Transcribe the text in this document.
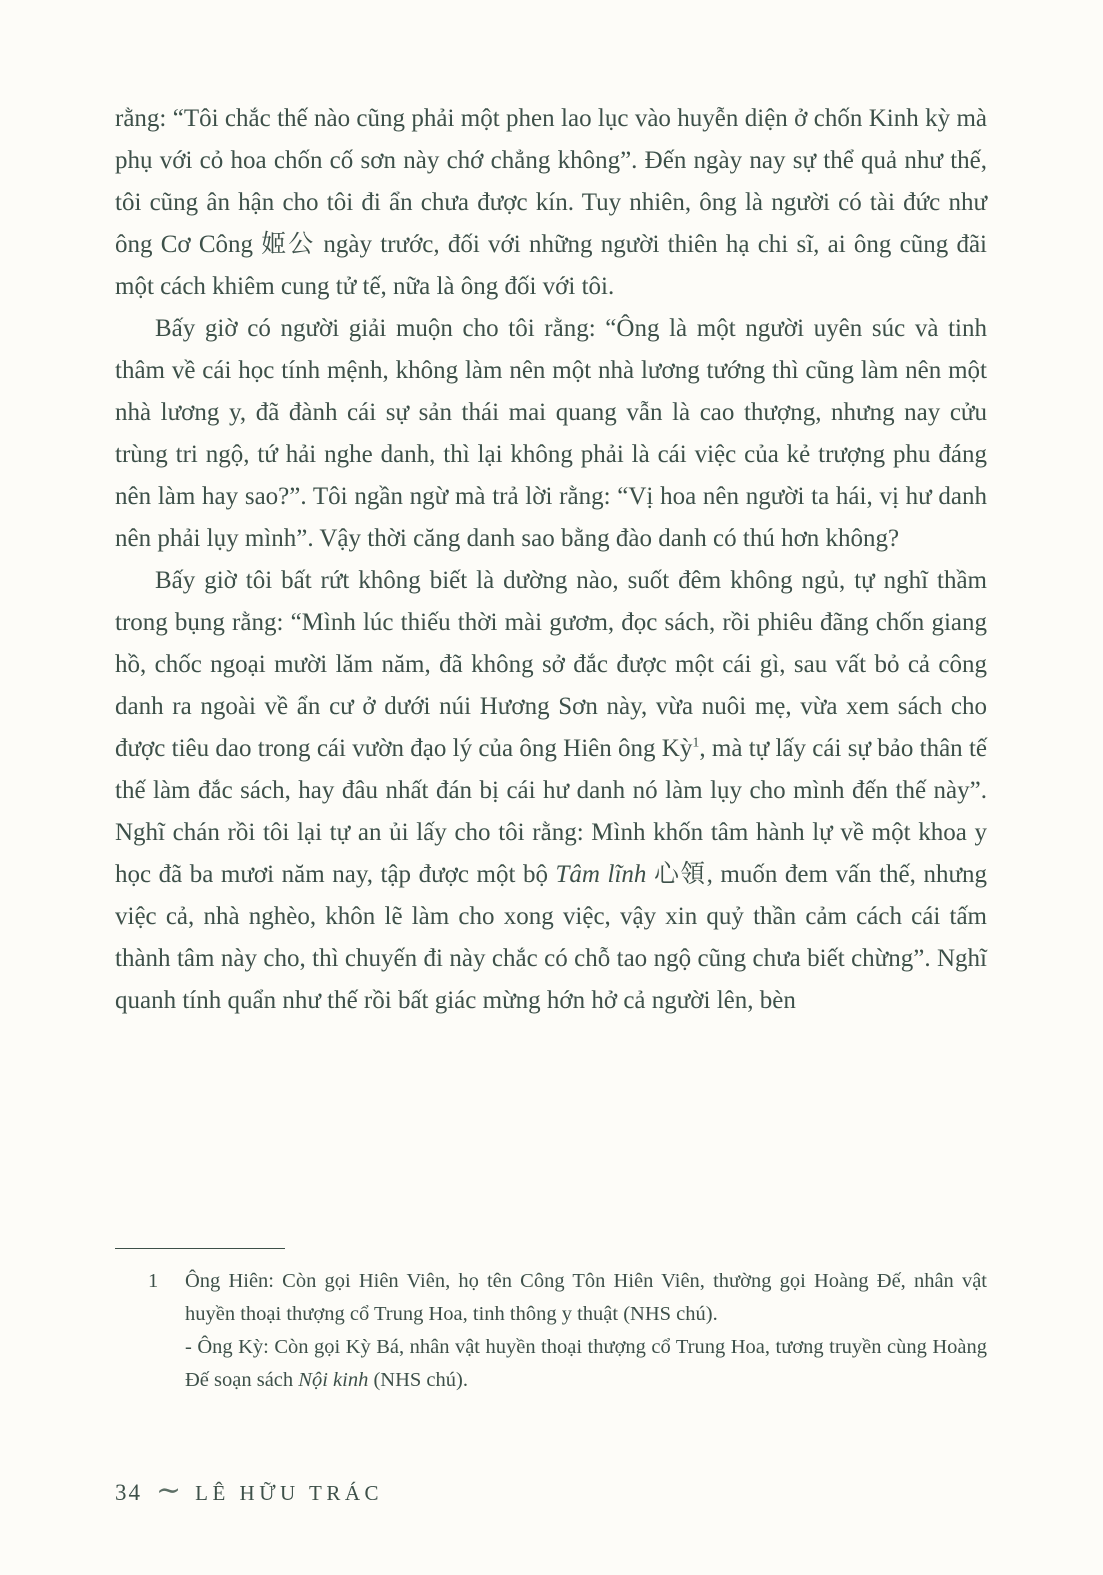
rằng: “Tôi chắc thế nào cũng phải một phen lao lục vào huyễn diện ở chốn Kinh kỳ mà phụ với cỏ hoa chốn cố sơn này chớ chẳng không”. Đến ngày nay sự thể quả như thế, tôi cũng ân hận cho tôi đi ẩn chưa được kín. Tuy nhiên, ông là người có tài đức như ông Cơ Công 姬公 ngày trước, đối với những người thiên hạ chi sĩ, ai ông cũng đãi một cách khiêm cung tử tế, nữa là ông đối với tôi.

Bấy giờ có người giải muộn cho tôi rằng: “Ông là một người uyên súc và tinh thâm về cái học tính mệnh, không làm nên một nhà lương tướng thì cũng làm nên một nhà lương y, đã đành cái sự sản thái mai quang vẫn là cao thượng, nhưng nay cửu trùng tri ngộ, tứ hải nghe danh, thì lại không phải là cái việc của kẻ trượng phu đáng nên làm hay sao?”. Tôi ngần ngừ mà trả lời rằng: “Vị hoa nên người ta hái, vị hư danh nên phải lụy mình”. Vậy thời căng danh sao bằng đào danh có thú hơn không?

Bấy giờ tôi bất rứt không biết là dường nào, suốt đêm không ngủ, tự nghĩ thầm trong bụng rằng: “Mình lúc thiếu thời mài gươm, đọc sách, rồi phiêu đãng chốn giang hồ, chốc ngoại mười lăm năm, đã không sở đắc được một cái gì, sau vất bỏ cả công danh ra ngoài về ẩn cư ở dưới núi Hương Sơn này, vừa nuôi mẹ, vừa xem sách cho được tiêu dao trong cái vườn đạo lý của ông Hiên ông Kỳ$^1$, mà tự lấy cái sự bảo thân tế thế làm đắc sách, hay đâu nhất đán bị cái hư danh nó làm lụy cho mình đến thế này”. Nghĩ chán rồi tôi lại tự an ủi lấy cho tôi rằng: Mình khốn tâm hành lự về một khoa y học đã ba mươi năm nay, tập được một bộ Tâm lĩnh 心領, muốn đem vấn thế, nhưng việc cả, nhà nghèo, khôn lẽ làm cho xong việc, vậy xin quỷ thần cảm cách cái tấm thành tâm này cho, thì chuyến đi này chắc có chỗ tao ngộ cũng chưa biết chừng”. Nghĩ quanh tính quẩn như thế rồi bất giác mừng hớn hở cả người lên, bèn

1 Ông Hiên: Còn gọi Hiên Viên, họ tên Công Tôn Hiên Viên, thường gọi Hoàng Đế, nhân vật huyền thoại thượng cổ Trung Hoa, tinh thông y thuật (NHS chú).
- Ông Kỳ: Còn gọi Kỳ Bá, nhân vật huyền thoại thượng cổ Trung Hoa, tương truyền cùng Hoàng Đế soạn sách Nội kinh (NHS chú).
34 ∼ LÊ HỮU TRÁC
